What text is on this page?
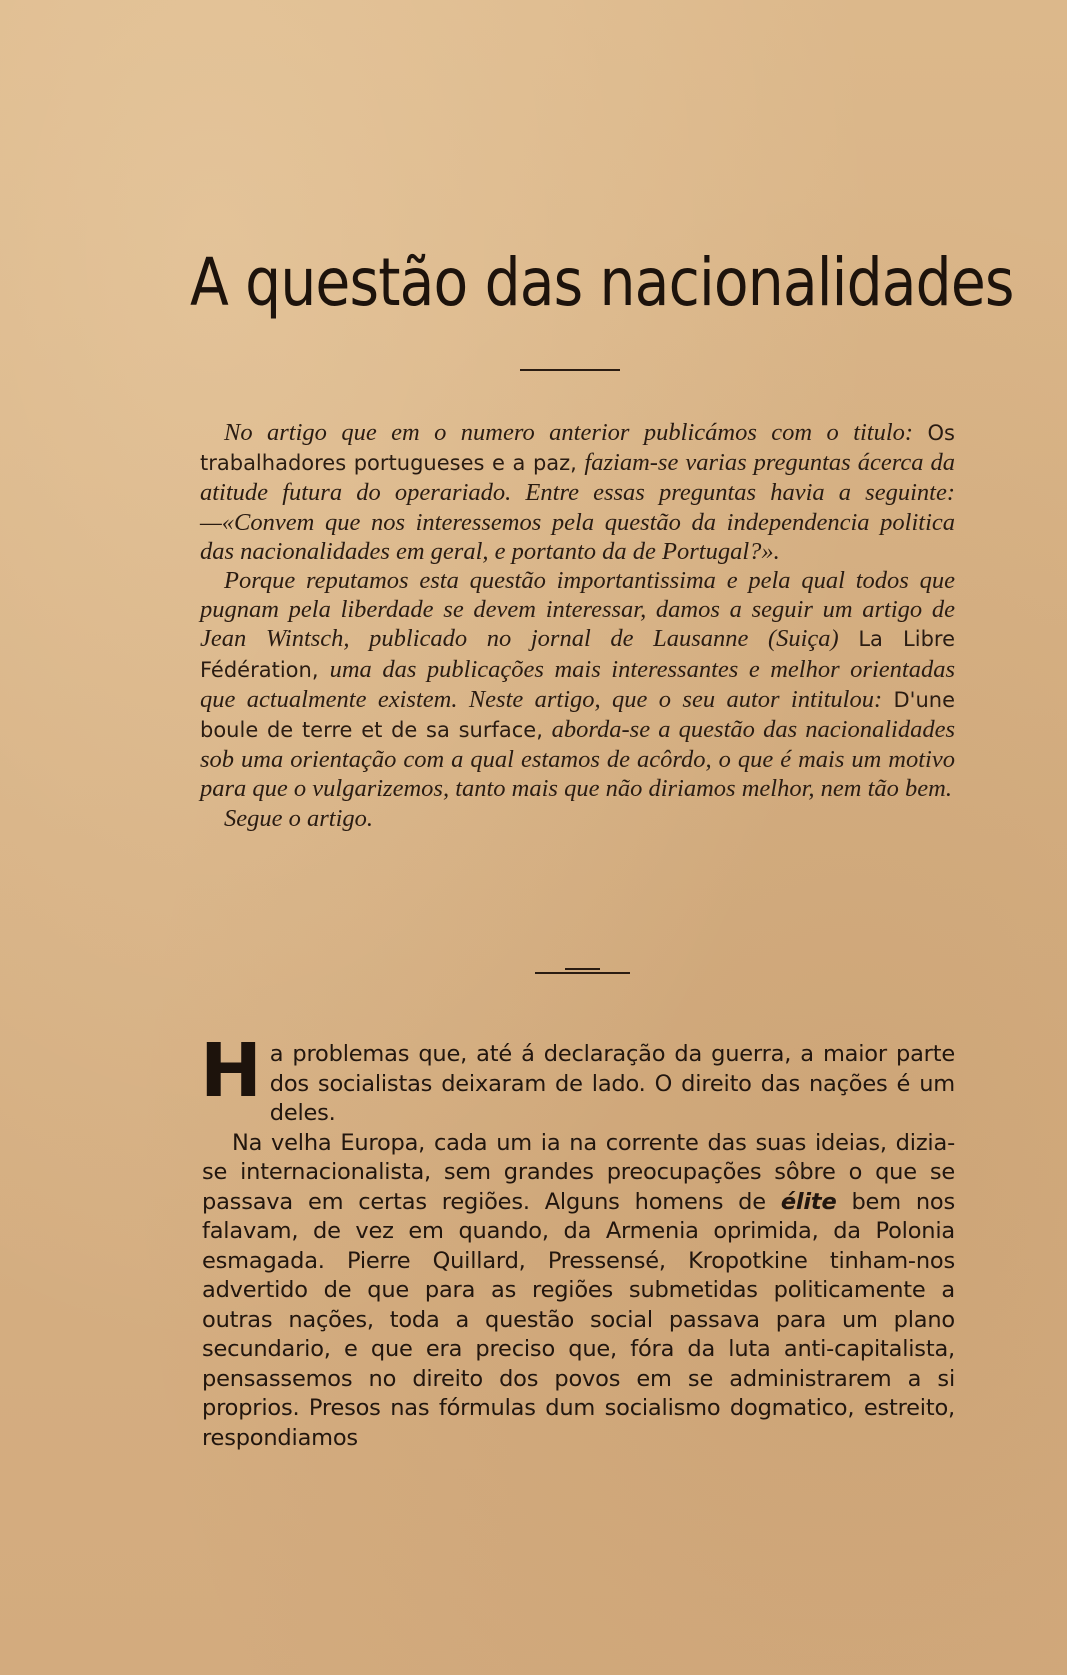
A questão das nacionalidades

No artigo que em o numero anterior publicámos com o titulo: Os trabalhadores portugueses e a paz, faziam-se varias preguntas ácerca da atitude futura do operariado. Entre essas preguntas havia a seguinte: —«Convem que nos interessemos pela questão da independencia politica das nacionalidades em geral, e portanto da de Portugal?».

Porque reputamos esta questão importantissima e pela qual todos que pugnam pela liberdade se devem interessar, damos a seguir um artigo de Jean Wintsch, publicado no jornal de Lausanne (Suiça) La Libre Fédération, uma das publicações mais interessantes e melhor orientadas que actualmente existem. Neste artigo, que o seu autor intitulou: D'une boule de terre et de sa surface, aborda-se a questão das nacionalidades sob uma orientação com a qual estamos de acôrdo, o que é mais um motivo para que o vulgarizemos, tanto mais que não diriamos melhor, nem tão bem.

Segue o artigo.

Ha problemas que, até á declaração da guerra, a maior parte dos socialistas deixaram de lado. O direito das nações é um deles.

Na velha Europa, cada um ia na corrente das suas ideias, dizia-se internacionalista, sem grandes preocupações sôbre o que se passava em certas regiões. Alguns homens de élite bem nos falavam, de vez em quando, da Armenia oprimida, da Polonia esmagada. Pierre Quillard, Pressensé, Kropotkine tinham-nos advertido de que para as regiões submetidas politicamente a outras nações, toda a questão social passava para um plano secundario, e que era preciso que, fóra da luta anti-capitalista, pensassemos no direito dos povos em se administrarem a si proprios. Presos nas fórmulas dum socialismo dogmatico, estreito, respondiamos
